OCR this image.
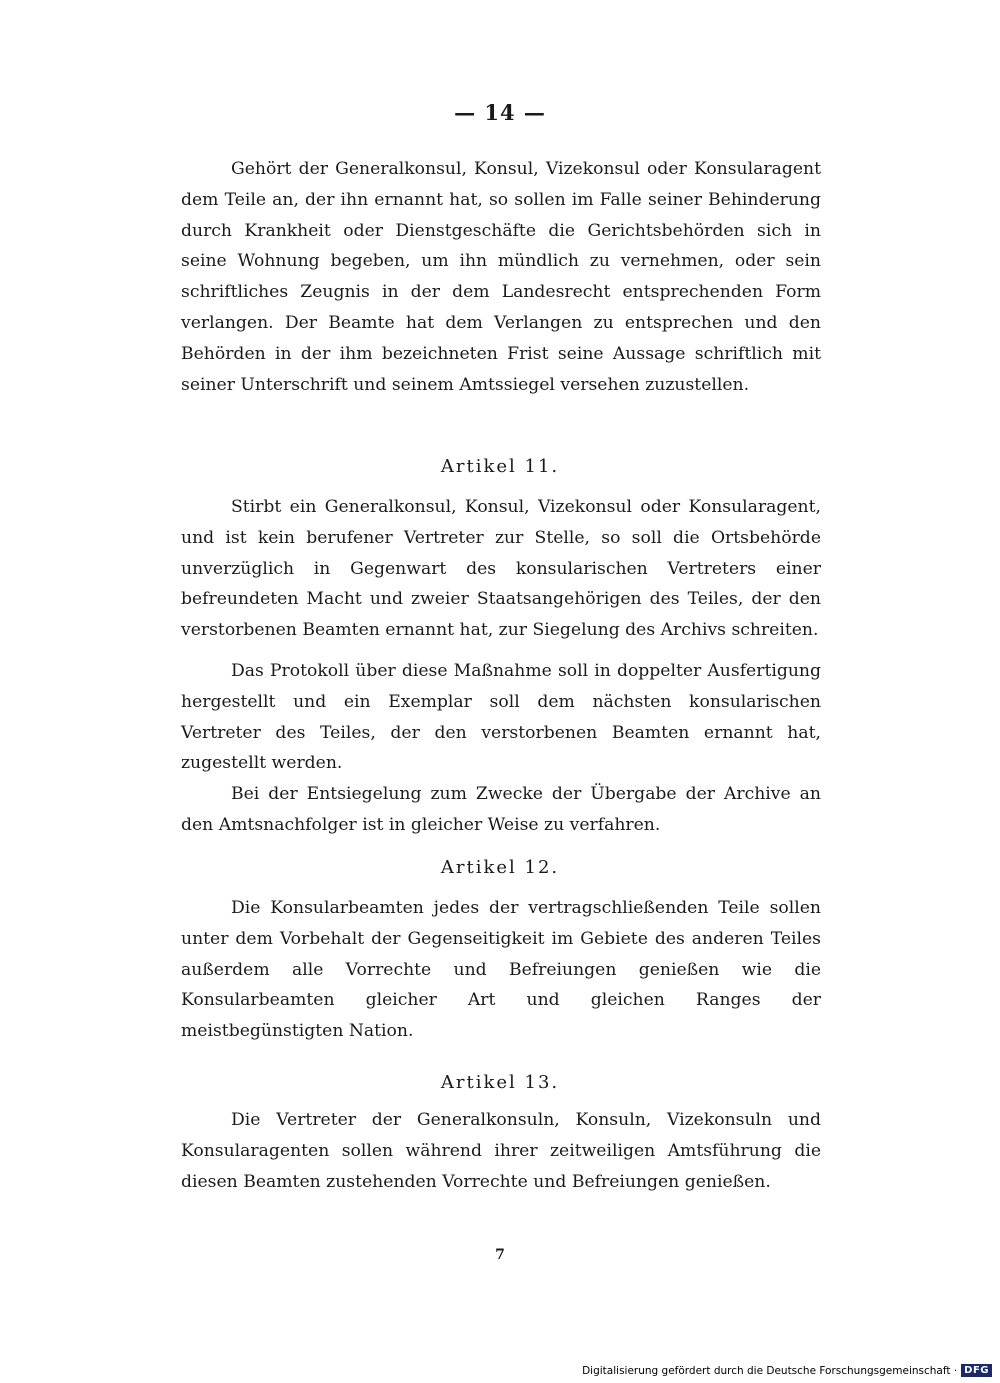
— 14 —

Gehört der Generalkonsul, Konsul, Vizekonsul oder Konsularagent dem Teile an, der ihn ernannt hat, so sollen im Falle seiner Behinderung durch Krankheit oder Dienstgeschäfte die Gerichtsbehörden sich in seine Wohnung begeben, um ihn mündlich zu vernehmen, oder sein schriftliches Zeugnis in der dem Landesrecht entsprechenden Form verlangen. Der Beamte hat dem Verlangen zu entsprechen und den Behörden in der ihm bezeichneten Frist seine Aussage schriftlich mit seiner Unterschrift und seinem Amtssiegel versehen zuzustellen.

Artikel 11.

Stirbt ein Generalkonsul, Konsul, Vizekonsul oder Konsularagent, und ist kein berufener Vertreter zur Stelle, so soll die Ortsbehörde unverzüglich in Gegenwart des konsularischen Vertreters einer befreundeten Macht und zweier Staatsangehörigen des Teiles, der den verstorbenen Beamten ernannt hat, zur Siegelung des Archivs schreiten.

Das Protokoll über diese Maßnahme soll in doppelter Ausfertigung hergestellt und ein Exemplar soll dem nächsten konsularischen Vertreter des Teiles, der den verstorbenen Beamten ernannt hat, zugestellt werden.

Bei der Entsiegelung zum Zwecke der Übergabe der Archive an den Amtsnachfolger ist in gleicher Weise zu verfahren.

Artikel 12.

Die Konsularbeamten jedes der vertragschließenden Teile sollen unter dem Vorbehalt der Gegenseitigkeit im Gebiete des anderen Teiles außerdem alle Vorrechte und Befreiungen genießen wie die Konsularbeamten gleicher Art und gleichen Ranges der meistbegünstigten Nation.

Artikel 13.

Die Vertreter der Generalkonsuln, Konsuln, Vizekonsuln und Konsularagenten sollen während ihrer zeitweiligen Amtsführung die diesen Beamten zustehenden Vorrechte und Befreiungen genießen.

7
Digitalisierung gefördert durch die Deutsche Forschungsgemeinschaft · DFG
